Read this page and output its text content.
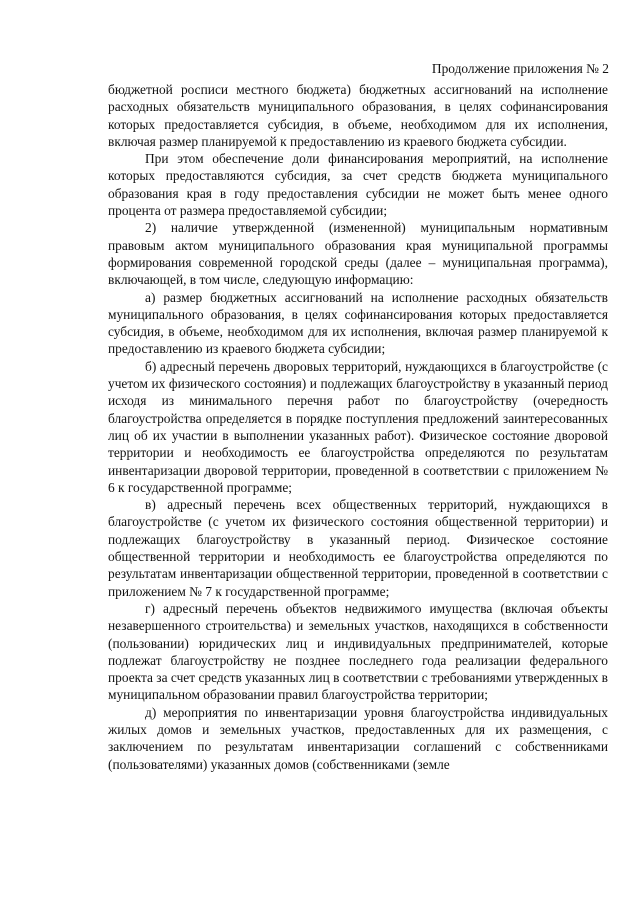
Продолжение приложения № 2

бюджетной росписи местного бюджета) бюджетных ассигнований на исполнение расходных обязательств муниципального образования, в целях софинансирования которых предоставляется субсидия, в объеме, необходимом для их исполнения, включая размер планируемой к предоставлению из краевого бюджета субсидии.

При этом обеспечение доли финансирования мероприятий, на исполнение которых предоставляются субсидия, за счет средств бюджета муниципального образования края в году предоставления субсидии не может быть менее одного процента от размера предоставляемой субсидии;

2) наличие утвержденной (измененной) муниципальным нормативным правовым актом муниципального образования края муниципальной программы формирования современной городской среды (далее – муниципальная программа), включающей, в том числе, следующую информацию:

а) размер бюджетных ассигнований на исполнение расходных обязательств муниципального образования, в целях софинансирования которых предоставляется субсидия, в объеме, необходимом для их исполнения, включая размер планируемой к предоставлению из краевого бюджета субсидии;

б) адресный перечень дворовых территорий, нуждающихся в благоустройстве (с учетом их физического состояния) и подлежащих благоустройству в указанный период исходя из минимального перечня работ по благоустройству (очередность благоустройства определяется в порядке поступления предложений заинтересованных лиц об их участии в выполнении указанных работ). Физическое состояние дворовой территории и необходимость ее благоустройства определяются по результатам инвентаризации дворовой территории, проведенной в соответствии с приложением № 6 к государственной программе;

в) адресный перечень всех общественных территорий, нуждающихся в благоустройстве (с учетом их физического состояния общественной территории) и подлежащих благоустройству в указанный период. Физическое состояние общественной территории и необходимость ее благоустройства определяются по результатам инвентаризации общественной территории, проведенной в соответствии с приложением № 7 к государственной программе;

г) адресный перечень объектов недвижимого имущества (включая объекты незавершенного строительства) и земельных участков, находящихся в собственности (пользовании) юридических лиц и индивидуальных предпринимателей, которые подлежат благоустройству не позднее последнего года реализации федерального проекта за счет средств указанных лиц в соответствии с требованиями утвержденных в муниципальном образовании правил благоустройства территории;

д) мероприятия по инвентаризации уровня благоустройства индивидуальных жилых домов и земельных участков, предоставленных для их размещения, с заключением по результатам инвентаризации соглашений с собственниками (пользователями) указанных домов (собственниками (земле
